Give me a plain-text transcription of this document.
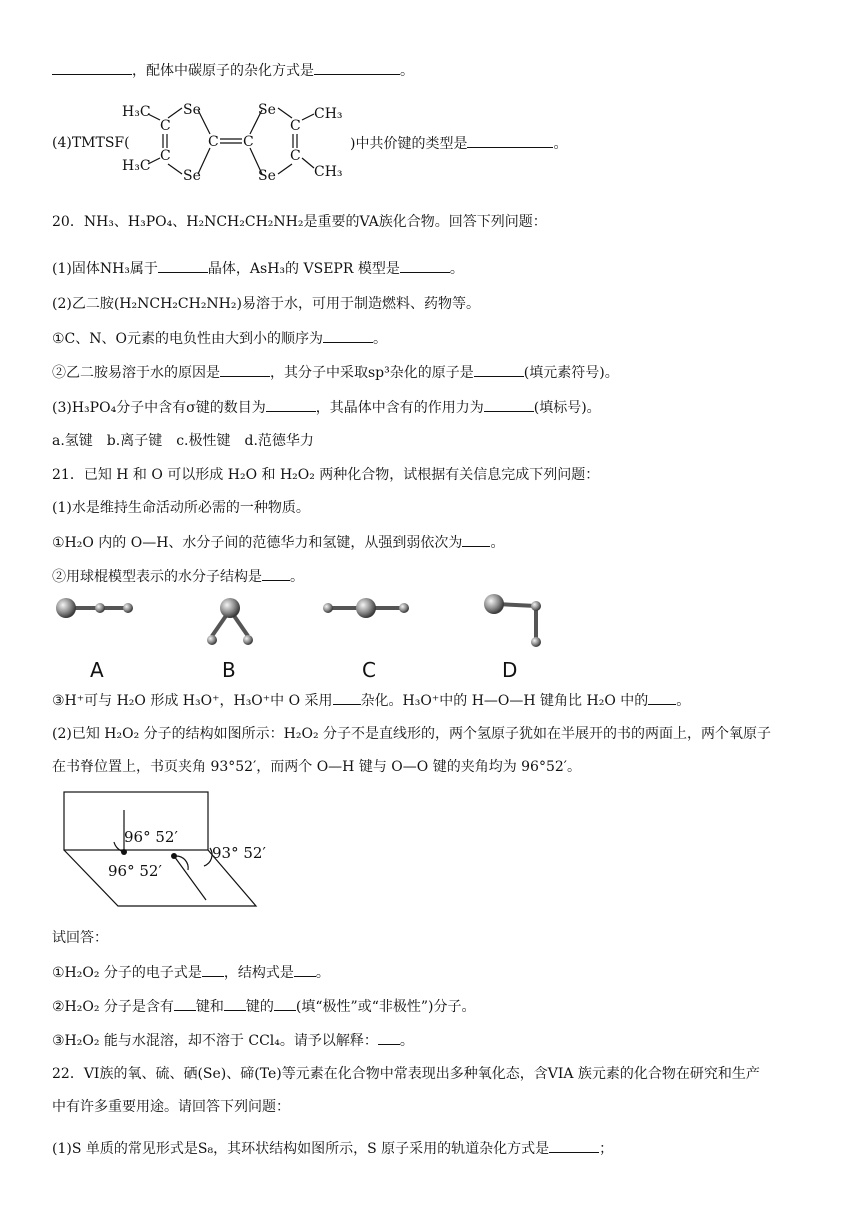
，配体中碳原子的杂化方式是	。
(4)TMTSF(	)中共价键的类型是	。
H₃C
H₃C
Se
Se
Se
Se
C
C
C C
C
C
CH₃
CH₃
20．NH₃、H₃PO₄、H₂NCH₂CH₂NH₂是重要的VA族化合物。回答下列问题：
(1)固体NH₃属于	晶体，AsH₃的 VSEPR 模型是	。
(2)乙二胺(H₂NCH₂CH₂NH₂)易溶于水，可用于制造燃料、药物等。
①C、N、O元素的电负性由大到小的顺序为	。
②乙二胺易溶于水的原因是	，其分子中采取sp³杂化的原子是	(填元素符号)。
(3)H₃PO₄分子中含有σ键的数目为	，其晶体中含有的作用力为	(填标号)。
a.氢键　b.离子键　c.极性键　d.范德华力
21．已知 H 和 O 可以形成 H₂O 和 H₂O₂ 两种化合物，试根据有关信息完成下列问题：
(1)水是维持生命活动所必需的一种物质。
①H₂O 内的 O—H、水分子间的范德华力和氢键，从强到弱依次为 。
②用球棍模型表示的水分子结构是 。
A	B	C	D
③H⁺可与 H₂O 形成 H₃O⁺，H₃O⁺中 O 采用 杂化。H₃O⁺中的 H—O—H 键角比 H₂O 中的 。
(2)已知 H₂O₂ 分子的结构如图所示：H₂O₂ 分子不是直线形的，两个氢原子犹如在半展开的书的两面上，两个氧原子
在书脊位置上，书页夹角 93°52′，而两个 O—H 键与 O—O 键的夹角均为 96°52′。
96° 52′
96° 52′
93° 52′
试回答：
①H₂O₂ 分子的电子式是 ，结构式是 。
②H₂O₂ 分子是含有 键和 键的 (填“极性”或“非极性”)分子。
③H₂O₂ 能与水混溶，却不溶于 CCl₄。请予以解释： 。
22．VI族的氧、硫、硒(Se)、碲(Te)等元素在化合物中常表现出多种氧化态，含VIA 族元素的化合物在研究和生产
中有许多重要用途。请回答下列问题：
(1)S 单质的常见形式是S₈，其环状结构如图所示，S 原子采用的轨道杂化方式是	；
